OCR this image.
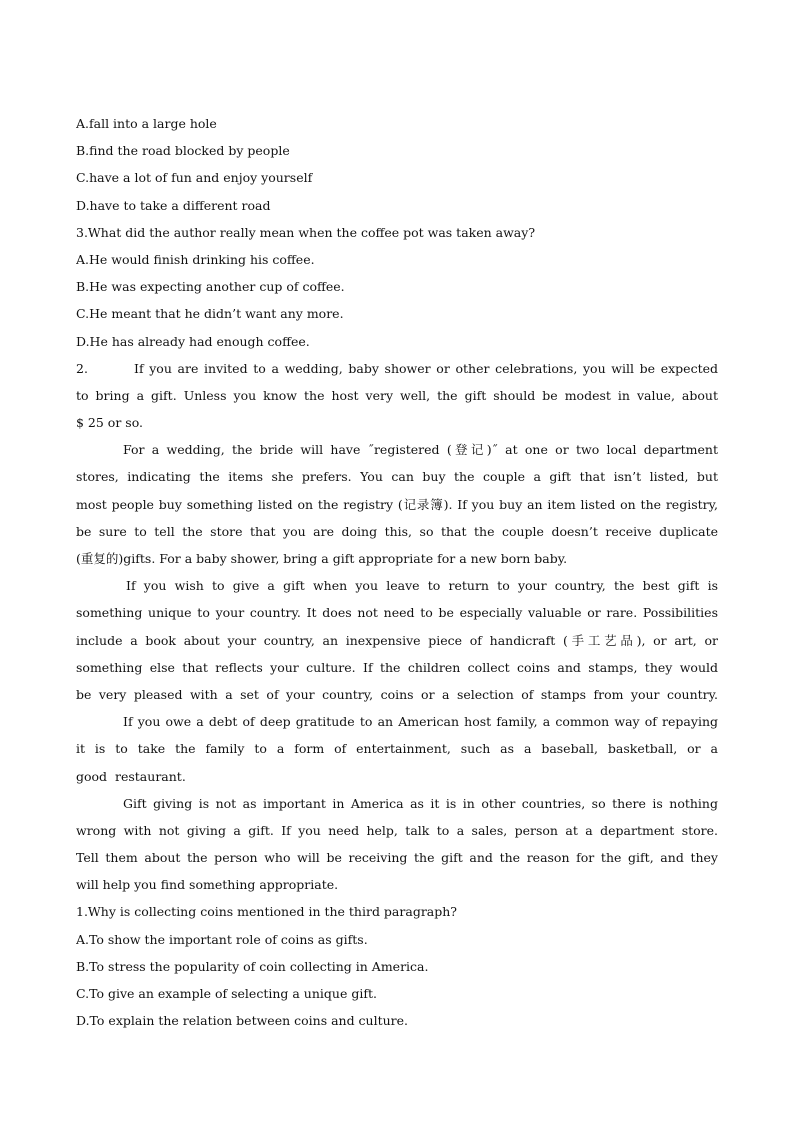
A.fall into a large hole
B.find the road blocked by people
C.have a lot of fun and enjoy yourself
D.have to take a different road
3.What did the author really mean when the coffee pot was taken away?
A.He would finish drinking his coffee.
B.He was expecting another cup of coffee.
C.He meant that he didn’t want any more.
D.He has already had enough coffee.
2.	If you are invited to a wedding, baby shower or other celebrations, you will be expected
to bring a gift. Unless you know the host very well, the gift should be modest in value, about
$ 25 or so.
For a wedding, the bride will have ˝registered (登记)˝ at one or two local department
stores, indicating the items she prefers. You can buy the couple a gift that isn’t listed, but
most people buy something listed on the registry (记录簿). If you buy an item listed on the registry,
be sure to tell the store that you are doing this, so that the couple doesn’t receive duplicate
(重复的)gifts. For a baby shower, bring a gift appropriate for a new born baby.
If you wish to give a gift when you leave to return to your country, the best gift is
something unique to your country. It does not need to be especially valuable or rare. Possibilities
include a book about your country, an inexpensive piece of handicraft (手工艺品), or art, or
something else that reflects your culture. If the children collect coins and stamps, they would
be very pleased with a set of your country, coins or a selection of stamps from your country.
If you owe a debt of deep gratitude to an American host family, a common way of repaying
it is to take the family to a form of entertainment, such as a baseball, basketball, or a
good  restaurant.
Gift giving is not as important in America as it is in other countries, so there is nothing
wrong with not giving a gift. If you need help, talk to a sales, person at a department store.
Tell them about the person who will be receiving the gift and the reason for the gift, and they
will help you find something appropriate.
1.Why is collecting coins mentioned in the third paragraph?
A.To show the important role of coins as gifts.
B.To stress the popularity of coin collecting in America.
C.To give an example of selecting a unique gift.
D.To explain the relation between coins and culture.
